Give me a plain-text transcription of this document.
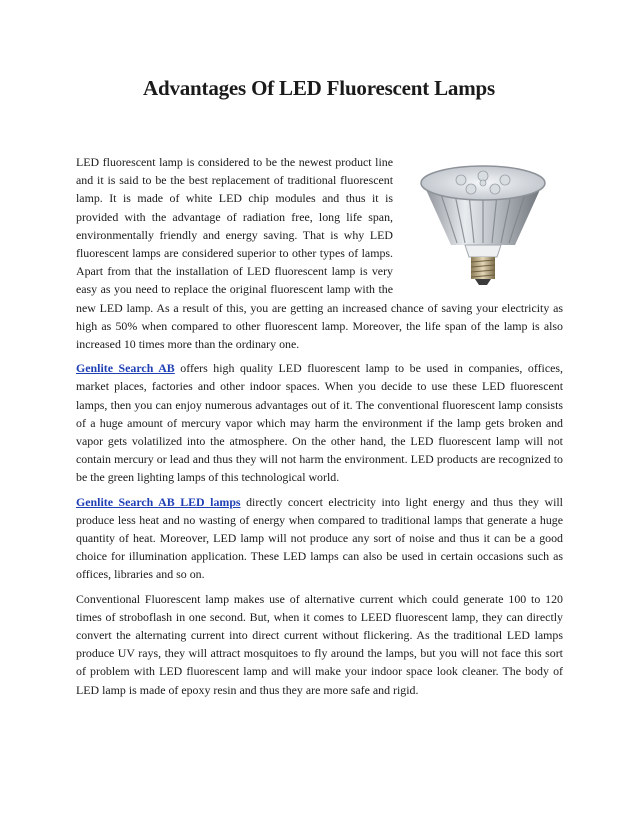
Advantages Of LED Fluorescent Lamps

LED fluorescent lamp is considered to be the newest product line and it is said to be the best replacement of traditional fluorescent lamp. It is made of white LED chip modules and thus it is provided with the advantage of radiation free, long life span, environmentally friendly and energy saving. That is why LED fluorescent lamps are considered superior to other types of lamps. Apart from that the installation of LED fluorescent lamp is very easy as you need to replace the original fluorescent lamp with the new LED lamp. As a result of this, you are getting an increased chance of saving your electricity as high as 50% when compared to other fluorescent lamp. Moreover, the life span of the lamp is also increased 10 times more than the ordinary one.

Genlite Search AB offers high quality LED fluorescent lamp to be used in companies, offices, market places, factories and other indoor spaces. When you decide to use these LED fluorescent lamps, then you can enjoy numerous advantages out of it. The conventional fluorescent lamp consists of a huge amount of mercury vapor which may harm the environment if the lamp gets broken and vapor gets volatilized into the atmosphere. On the other hand, the LED fluorescent lamp will not contain mercury or lead and thus they will not harm the environment. LED products are recognized to be the green lighting lamps of this technological world.

Genlite Search AB LED lamps directly concert electricity into light energy and thus they will produce less heat and no wasting of energy when compared to traditional lamps that generate a huge quantity of heat. Moreover, LED lamp will not produce any sort of noise and thus it can be a good choice for illumination application. These LED lamps can also be used in certain occasions such as offices, libraries and so on.

Conventional Fluorescent lamp makes use of alternative current which could generate 100 to 120 times of stroboflash in one second. But, when it comes to LEED fluorescent lamp, they can directly convert the alternating current into direct current without flickering. As the traditional LED lamps produce UV rays, they will attract mosquitoes to fly around the lamps, but you will not face this sort of problem with LED fluorescent lamp and will make your indoor space look cleaner. The body of LED lamp is made of epoxy resin and thus they are more safe and rigid.
